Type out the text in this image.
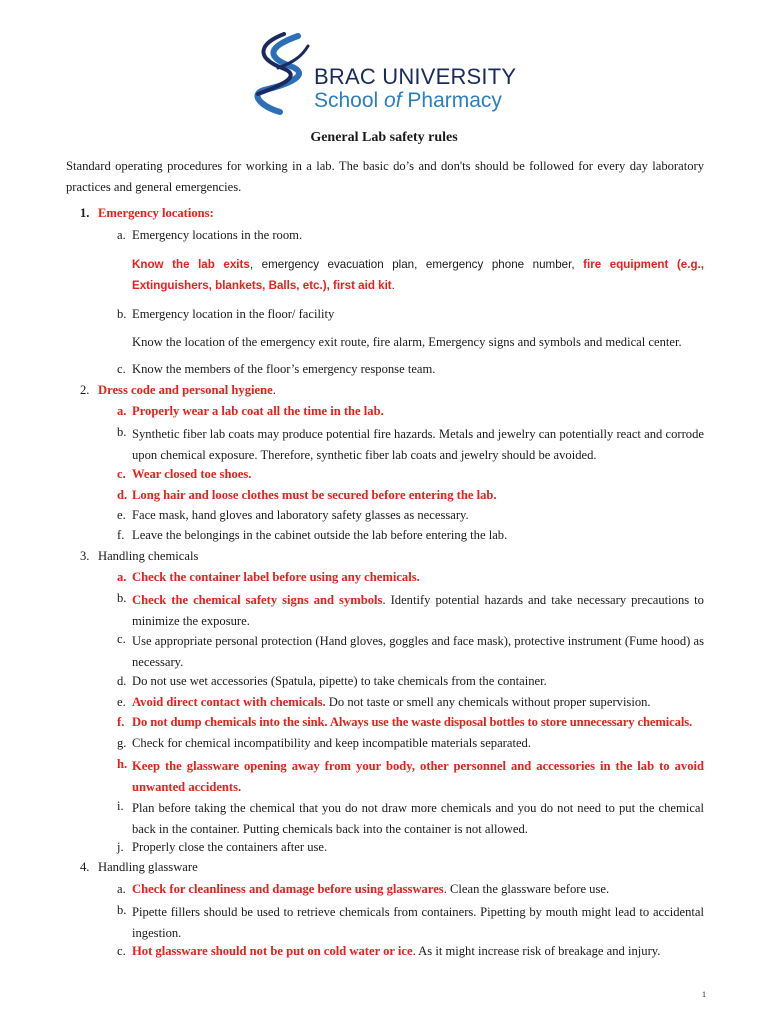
BRAC UNIVERSITY
School of Pharmacy
General Lab safety rules
Standard operating procedures for working in a lab. The basic do’s and don'ts should be followed for every day laboratory practices and general emergencies.
1. Emergency locations:
a. Emergency locations in the room.
Know the lab exits, emergency evacuation plan, emergency phone number, fire equipment (e.g., Extinguishers, blankets, Balls, etc.), first aid kit.
b. Emergency location in the floor/ facility
Know the location of the emergency exit route, fire alarm, Emergency signs and symbols and medical center.
c. Know the members of the floor’s emergency response team.
2. Dress code and personal hygiene.
a. Properly wear a lab coat all the time in the lab.
b. Synthetic fiber lab coats may produce potential fire hazards. Metals and jewelry can potentially react and corrode upon chemical exposure. Therefore, synthetic fiber lab coats and jewelry should be avoided.
c. Wear closed toe shoes.
d. Long hair and loose clothes must be secured before entering the lab.
e. Face mask, hand gloves and laboratory safety glasses as necessary.
f. Leave the belongings in the cabinet outside the lab before entering the lab.
3. Handling chemicals
a. Check the container label before using any chemicals.
b. Check the chemical safety signs and symbols. Identify potential hazards and take necessary precautions to minimize the exposure.
c. Use appropriate personal protection (Hand gloves, goggles and face mask), protective instrument (Fume hood) as necessary.
d. Do not use wet accessories (Spatula, pipette) to take chemicals from the container.
e. Avoid direct contact with chemicals. Do not taste or smell any chemicals without proper supervision.
f. Do not dump chemicals into the sink. Always use the waste disposal bottles to store unnecessary chemicals.
g. Check for chemical incompatibility and keep incompatible materials separated.
h. Keep the glassware opening away from your body, other personnel and accessories in the lab to avoid unwanted accidents.
i. Plan before taking the chemical that you do not draw more chemicals and you do not need to put the chemical back in the container. Putting chemicals back into the container is not allowed.
j. Properly close the containers after use.
4. Handling glassware
a. Check for cleanliness and damage before using glasswares. Clean the glassware before use.
b. Pipette fillers should be used to retrieve chemicals from containers. Pipetting by mouth might lead to accidental ingestion.
c. Hot glassware should not be put on cold water or ice. As it might increase risk of breakage and injury.
1
